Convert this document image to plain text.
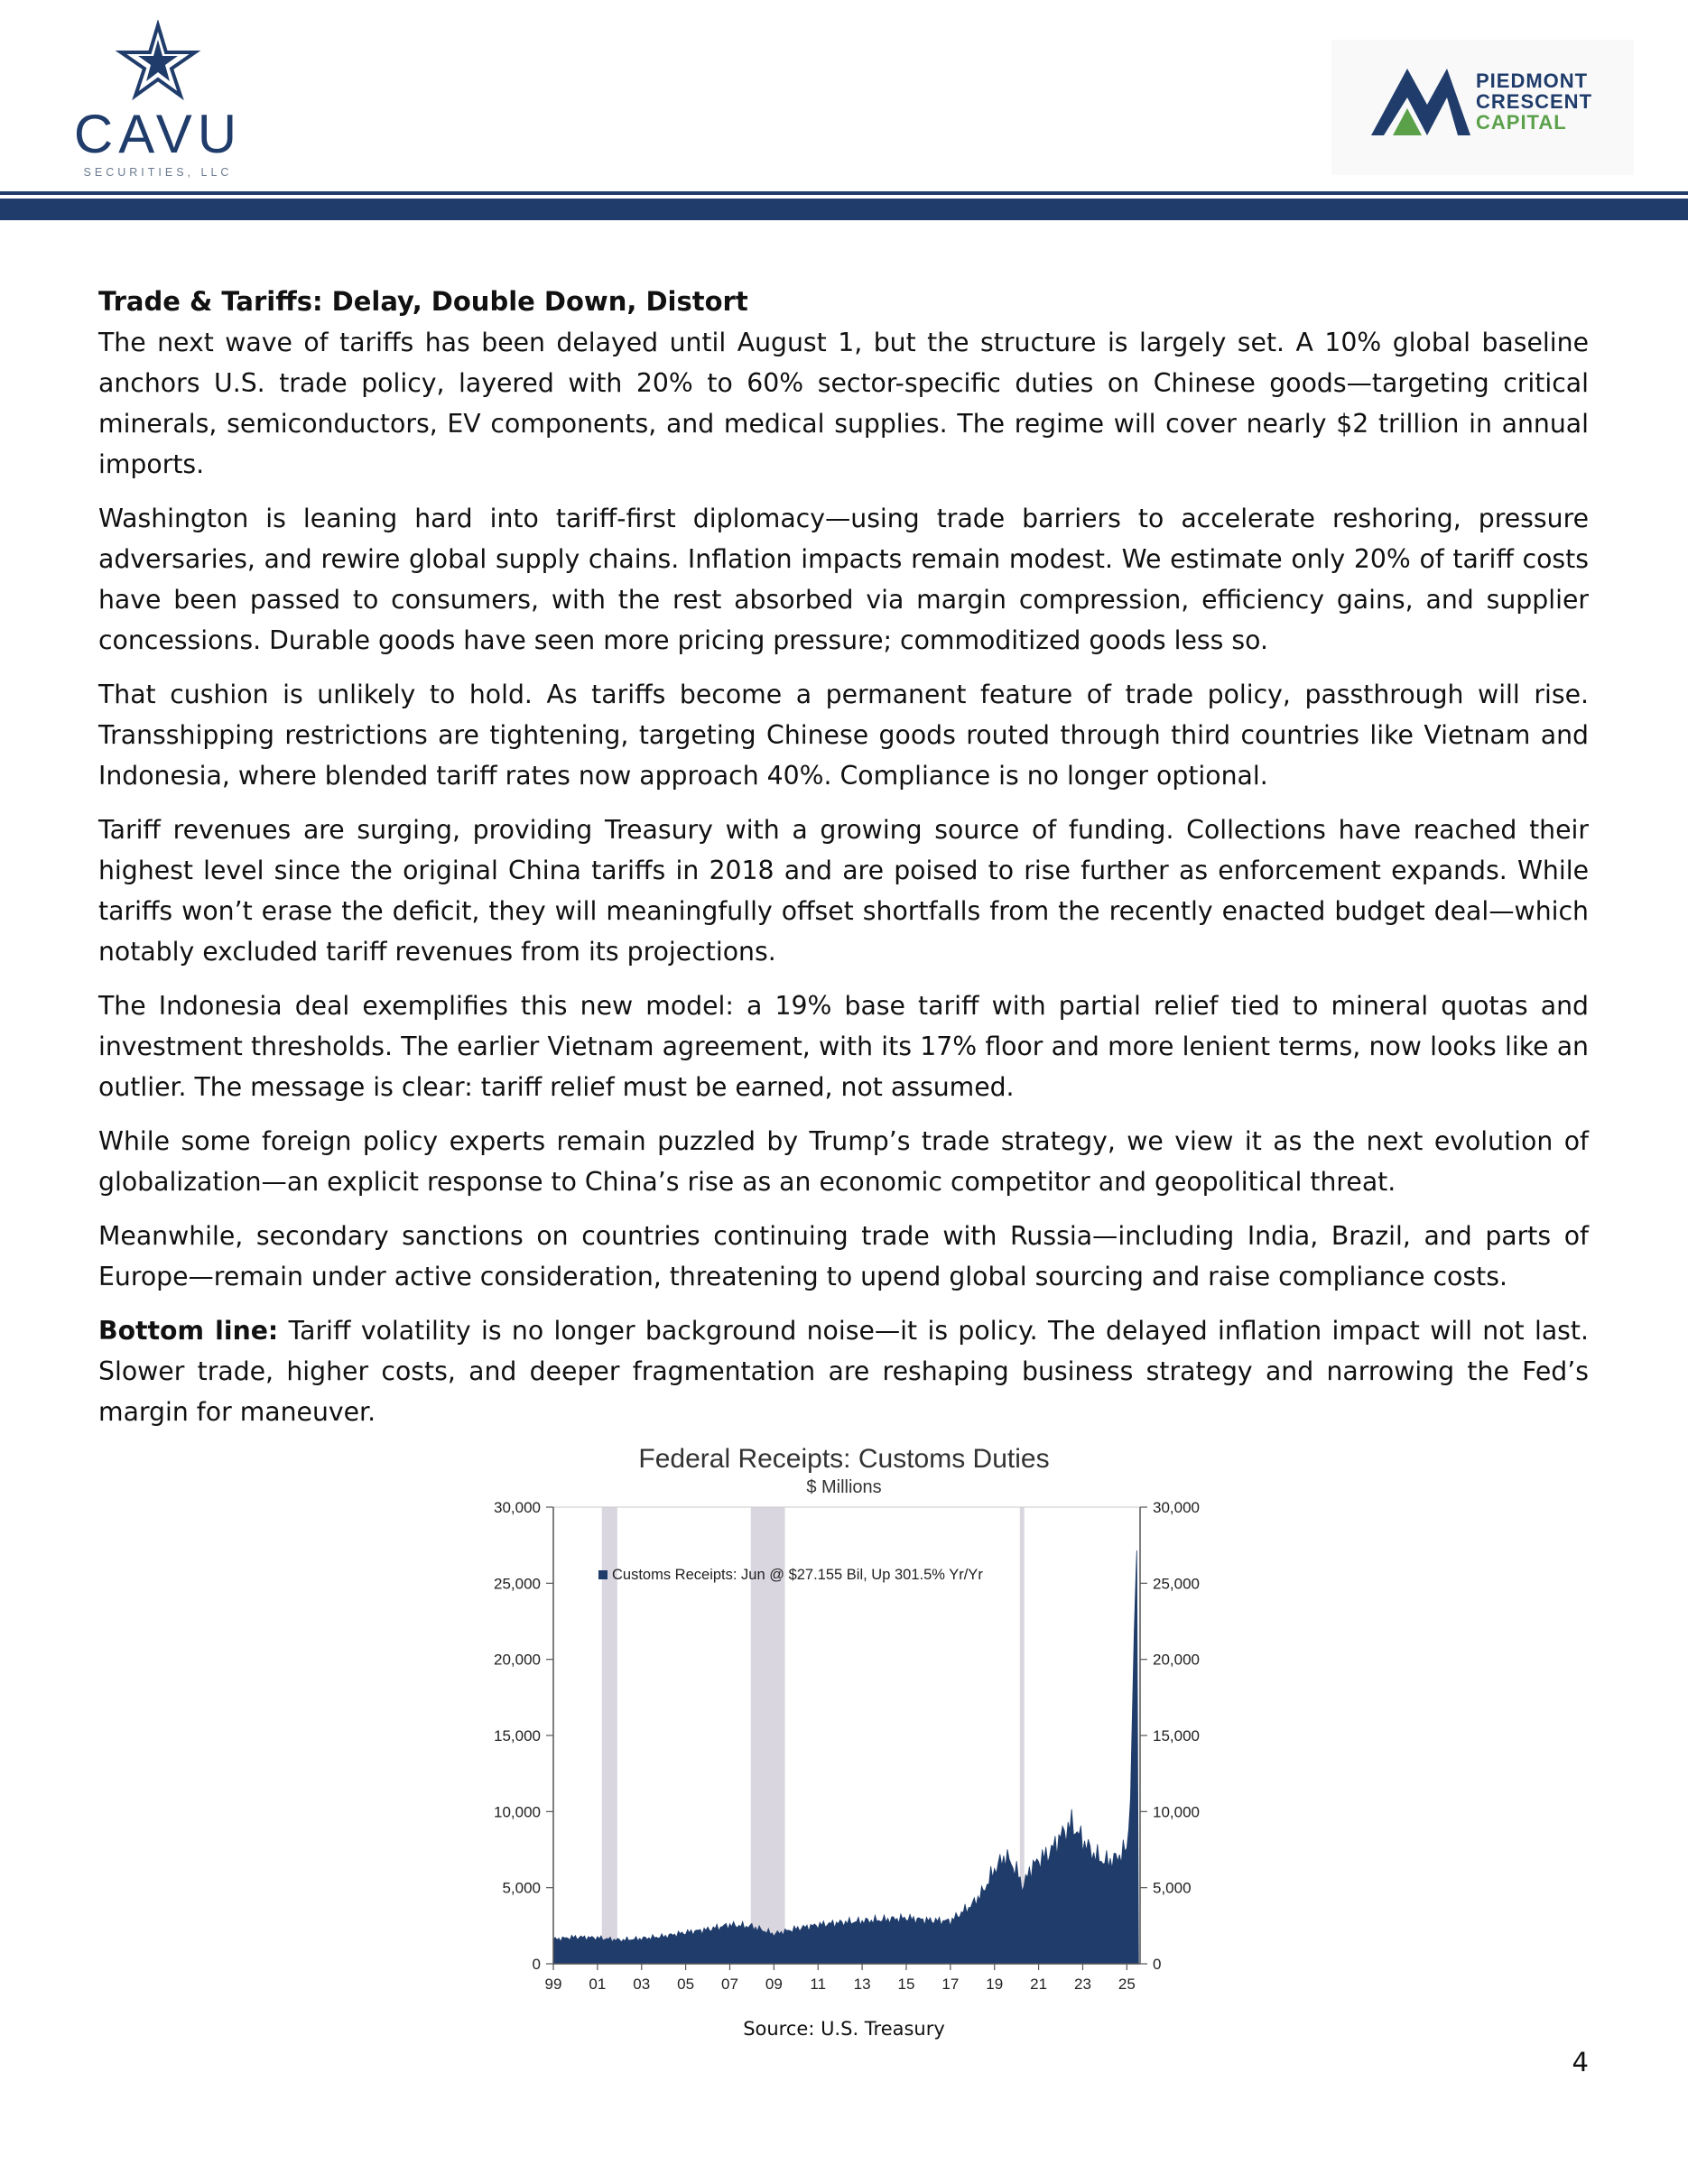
CAVU
SECURITIES, LLC
PIEDMONT
CRESCENT
CAPITAL
Trade & Tariffs: Delay, Double Down, Distort

The next wave of tariffs has been delayed until August 1, but the structure is largely set. A 10% global baseline anchors U.S. trade policy, layered with 20% to 60% sector-specific duties on Chinese goods—targeting critical minerals, semiconductors, EV components, and medical supplies. The regime will cover nearly $2 trillion in annual imports.

Washington is leaning hard into tariff-first diplomacy—using trade barriers to accelerate reshoring, pressure adversaries, and rewire global supply chains. Inflation impacts remain modest. We estimate only 20% of tariff costs have been passed to consumers, with the rest absorbed via margin compression, efficiency gains, and supplier concessions. Durable goods have seen more pricing pressure; commoditized goods less so.

That cushion is unlikely to hold. As tariffs become a permanent feature of trade policy, passthrough will rise. Transshipping restrictions are tightening, targeting Chinese goods routed through third countries like Vietnam and Indonesia, where blended tariff rates now approach 40%. Compliance is no longer optional.

Tariff revenues are surging, providing Treasury with a growing source of funding. Collections have reached their highest level since the original China tariffs in 2018 and are poised to rise further as enforcement expands. While tariffs won’t erase the deficit, they will meaningfully offset shortfalls from the recently enacted budget deal—which notably excluded tariff revenues from its projections.

The Indonesia deal exemplifies this new model: a 19% base tariff with partial relief tied to mineral quotas and investment thresholds. The earlier Vietnam agreement, with its 17% floor and more lenient terms, now looks like an outlier. The message is clear: tariff relief must be earned, not assumed.

While some foreign policy experts remain puzzled by Trump’s trade strategy, we view it as the next evolution of globalization—an explicit response to China’s rise as an economic competitor and geopolitical threat.

Meanwhile, secondary sanctions on countries continuing trade with Russia—including India, Brazil, and parts of Europe—remain under active consideration, threatening to upend global sourcing and raise compliance costs.

Bottom line: Tariff volatility is no longer background noise—it is policy. The delayed inflation impact will not last. Slower trade, higher costs, and deeper fragmentation are reshaping business strategy and narrowing the Fed’s margin for maneuver.

Federal Receipts: Customs Duties
$ Millions
0	0
5,000	5,000
10,000	10,000
15,000	15,000
20,000	20,000
25,000	25,000
30,000	30,000
99 01 03 05 07 09 11 13 15 17 19 21 23 25
Customs Receipts: Jun @ $27.155 Bil, Up 301.5% Yr/Yr
Source: U.S. Treasury
4
